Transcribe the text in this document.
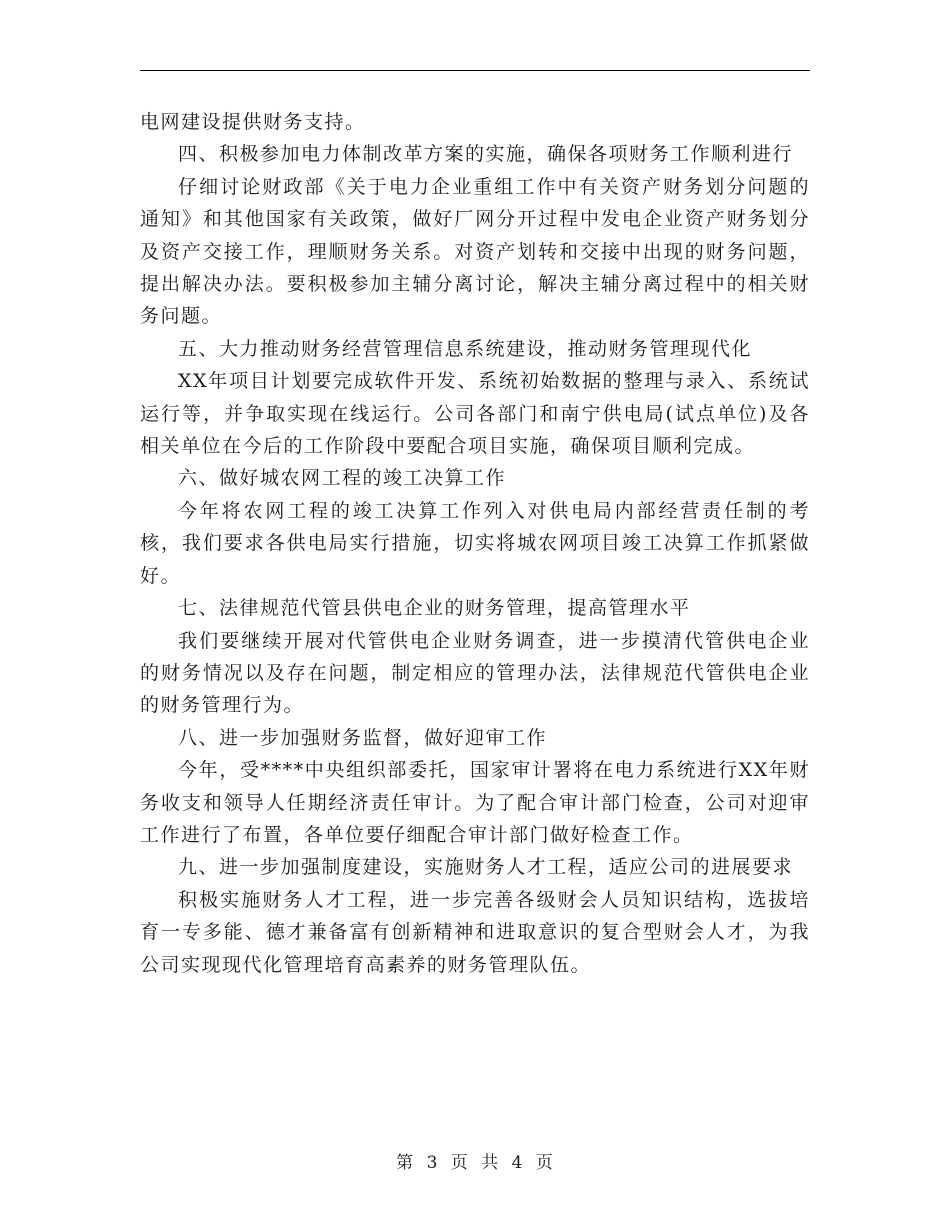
电网建设提供财务支持。

四、积极参加电力体制改革方案的实施，确保各项财务工作顺利进行

仔细讨论财政部《关于电力企业重组工作中有关资产财务划分问题的通知》和其他国家有关政策，做好厂网分开过程中发电企业资产财务划分及资产交接工作，理顺财务关系。对资产划转和交接中出现的财务问题，提出解决办法。要积极参加主辅分离讨论，解决主辅分离过程中的相关财务问题。

五、大力推动财务经营管理信息系统建设，推动财务管理现代化

XX年项目计划要完成软件开发、系统初始数据的整理与录入、系统试运行等，并争取实现在线运行。公司各部门和南宁供电局(试点单位)及各相关单位在今后的工作阶段中要配合项目实施，确保项目顺利完成。

六、做好城农网工程的竣工决算工作

今年将农网工程的竣工决算工作列入对供电局内部经营责任制的考核，我们要求各供电局实行措施，切实将城农网项目竣工决算工作抓紧做好。

七、法律规范代管县供电企业的财务管理，提高管理水平

我们要继续开展对代管供电企业财务调查，进一步摸清代管供电企业的财务情况以及存在问题，制定相应的管理办法，法律规范代管供电企业的财务管理行为。

八、进一步加强财务监督，做好迎审工作

今年，受****中央组织部委托，国家审计署将在电力系统进行XX年财务收支和领导人任期经济责任审计。为了配合审计部门检查，公司对迎审工作进行了布置，各单位要仔细配合审计部门做好检查工作。

九、进一步加强制度建设，实施财务人才工程，适应公司的进展要求

积极实施财务人才工程，进一步完善各级财会人员知识结构，选拔培育一专多能、德才兼备富有创新精神和进取意识的复合型财会人才，为我公司实现现代化管理培育高素养的财务管理队伍。

第 3 页 共 4 页
